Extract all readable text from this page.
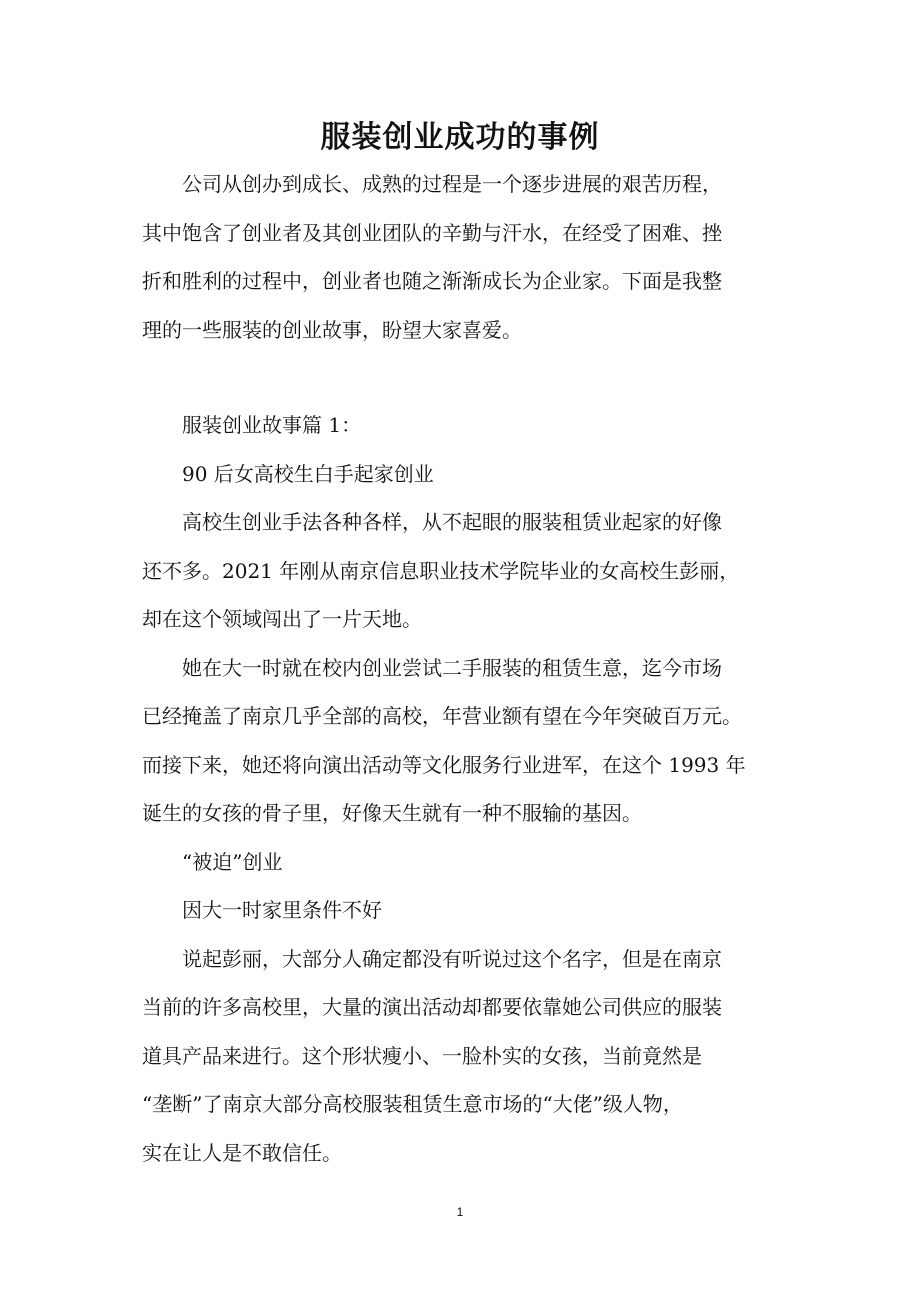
服装创业成功的事例
公司从创办到成长、成熟的过程是一个逐步进展的艰苦历程，
其中饱含了创业者及其创业团队的辛勤与汗水，在经受了困难、挫
折和胜利的过程中，创业者也随之渐渐成长为企业家。下面是我整
理的一些服装的创业故事，盼望大家喜爱。
服装创业故事篇 1：
90 后女高校生白手起家创业
高校生创业手法各种各样，从不起眼的服装租赁业起家的好像
还不多。2021 年刚从南京信息职业技术学院毕业的女高校生彭丽，
却在这个领域闯出了一片天地。
她在大一时就在校内创业尝试二手服装的租赁生意，迄今市场
已经掩盖了南京几乎全部的高校，年营业额有望在今年突破百万元。
而接下来，她还将向演出活动等文化服务行业进军，在这个 1993 年
诞生的女孩的骨子里，好像天生就有一种不服输的基因。
“被迫”创业
因大一时家里条件不好
说起彭丽，大部分人确定都没有听说过这个名字，但是在南京
当前的许多高校里，大量的演出活动却都要依靠她公司供应的服装
道具产品来进行。这个形状瘦小、一脸朴实的女孩，当前竟然是
“垄断”了南京大部分高校服装租赁生意市场的“大佬”级人物，
实在让人是不敢信任。
1
